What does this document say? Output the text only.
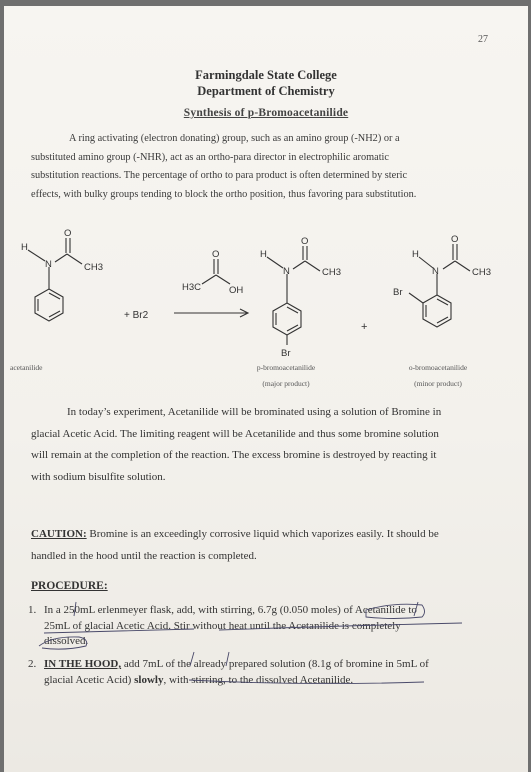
27
Farmingdale State College
Department of Chemistry
Synthesis of p-Bromoacetanilide
A ring activating (electron donating) group, such as an amino group (-NH2) or a
substituted amino group (-NHR), act as an ortho-para director in electrophilic aromatic
substitution reactions. The percentage of ortho to para product is often determined by steric
effects, with bulky groups tending to block the ortho position, thus favoring para substitution.
H
N
O
CH3
+ Br2
O
H3C	OH
H
N
O
CH3
Br
+
H
N
O
CH3
Br
acetanilide	p-bromoacetanilide
(major product)
o-bromoacetanilide
(minor product)
In today’s experiment, Acetanilide will be brominated using a solution of Bromine in
glacial Acetic Acid. The limiting reagent will be Acetanilide and thus some bromine solution
will remain at the completion of the reaction. The excess bromine is destroyed by reacting it
with sodium bisulfite solution.
CAUTION: Bromine is an exceedingly corrosive liquid which vaporizes easily. It should be
handled in the hood until the reaction is completed.
PROCEDURE:
1. In a 250mL erlenmeyer flask, add, with stirring, 6.7g (0.050 moles) of Acetanilide to
25mL of glacial Acetic Acid. Stir without heat until the Acetanilide is completely
dissolved.
2. IN THE HOOD, add 7mL of the already prepared solution (8.1g of bromine in 5mL of
glacial Acetic Acid) slowly, with stirring, to the dissolved Acetanilide.
